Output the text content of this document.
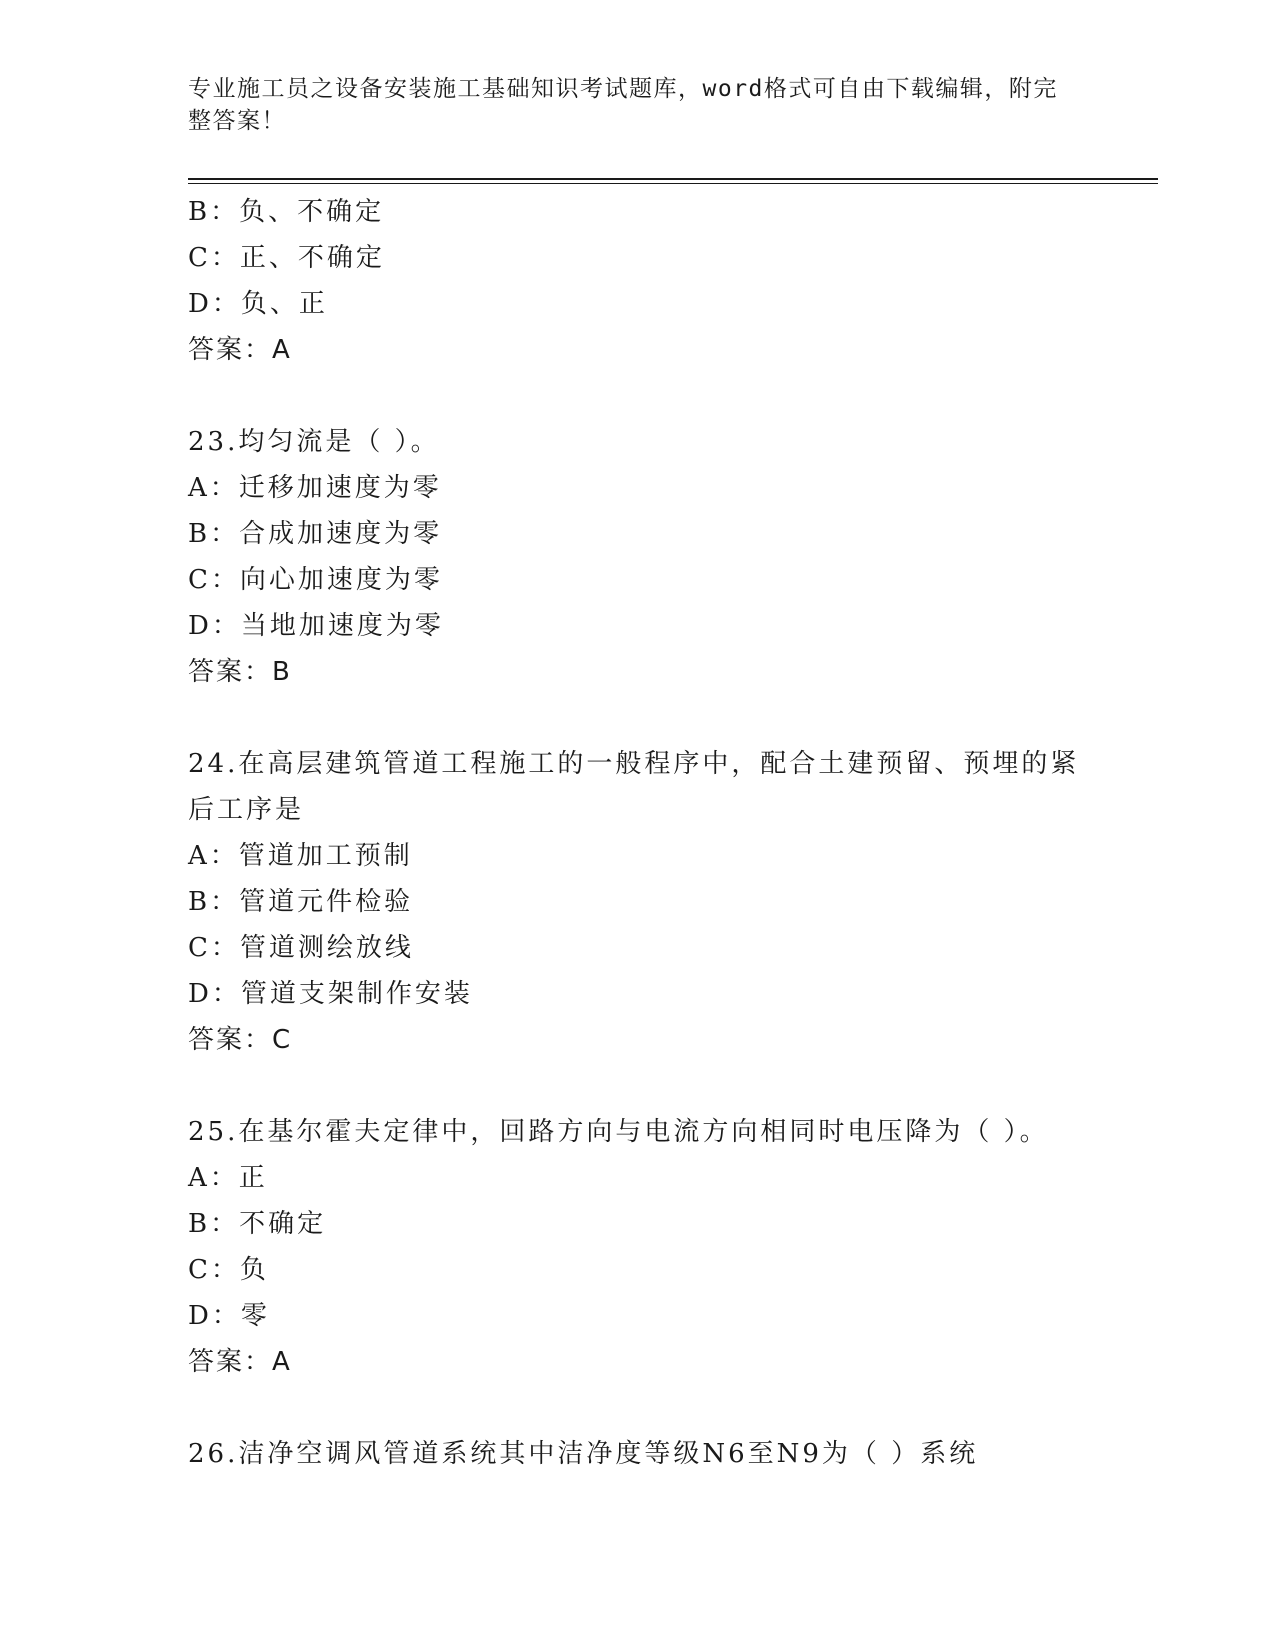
专业施工员之设备安装施工基础知识考试题库，word格式可自由下载编辑，附完
整答案！
B：负、不确定
C：正、不确定
D：负、正
答案：A
23.均匀流是（ ）。
A：迁移加速度为零
B：合成加速度为零
C：向心加速度为零
D：当地加速度为零
答案：B
24.在高层建筑管道工程施工的一般程序中，配合土建预留、预埋的紧
后工序是
A：管道加工预制
B：管道元件检验
C：管道测绘放线
D：管道支架制作安装
答案：C
25.在基尔霍夫定律中，回路方向与电流方向相同时电压降为（ ）。
A：正
B：不确定
C：负
D：零
答案：A
26.洁净空调风管道系统其中洁净度等级N6至N9为（ ）系统
